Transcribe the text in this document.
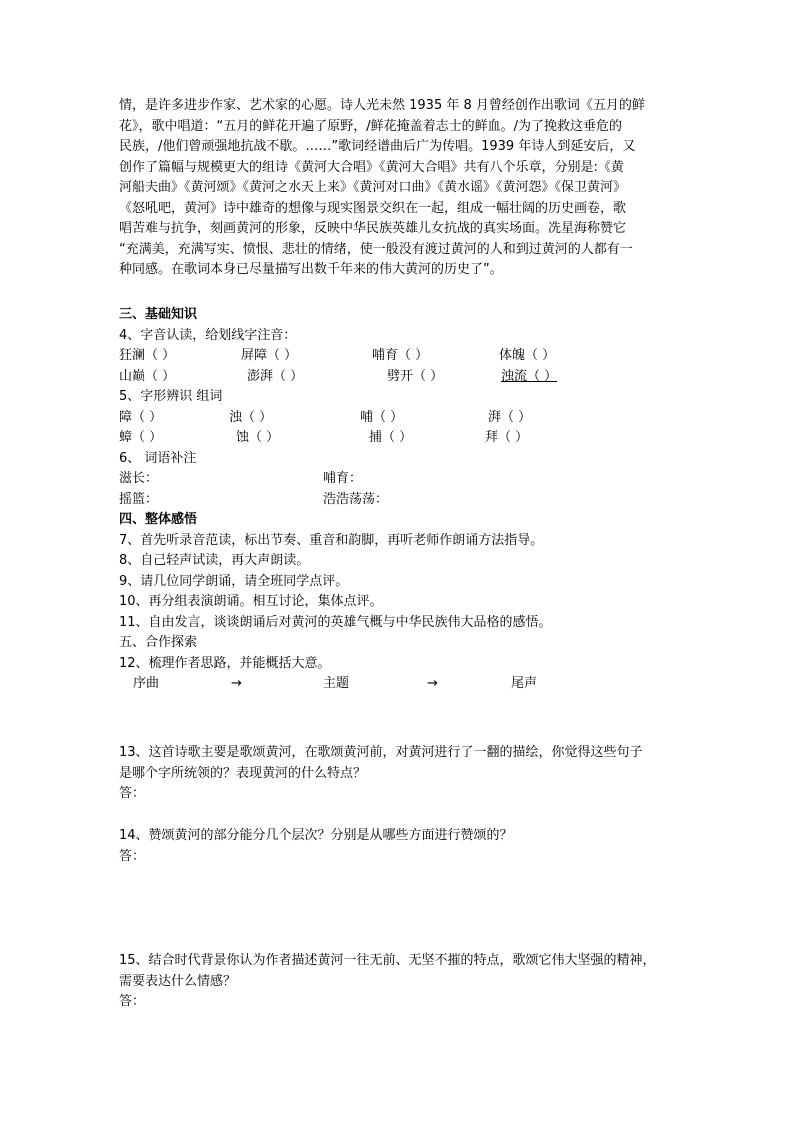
情，是许多进步作家、艺术家的心愿。诗人光未然 1935 年 8 月曾经创作出歌词《五月的鲜

花》，歌中唱道：“五月的鲜花开遍了原野，/鲜花掩盖着志士的鲜血。/为了挽救这垂危的

民族，/他们曾顽强地抗战不歇。……”歌词经谱曲后广为传唱。1939 年诗人到延安后，又

创作了篇幅与规模更大的组诗《黄河大合唱》《黄河大合唱》共有八个乐章，分别是:《黄

河船夫曲》《黄河颂》《黄河之水天上来》《黄河对口曲》《黄水谣》《黄河怨》《保卫黄河》

《怒吼吧，黄河》诗中雄奇的想像与现实图景交织在一起，组成一幅壮阔的历史画卷，歌

唱苦难与抗争，刻画黄河的形象，反映中华民族英雄儿女抗战的真实场面。冼星海称赞它

“充满美，充满写实、愤恨、悲壮的情绪，使一般没有渡过黄河的人和到过黄河的人都有一

种同感。在歌词本身已尽量描写出数千年来的伟大黄河的历史了”。

三、基础知识
4、字音认读，给划线字注音：
狂澜（ ）	屏障（ ）	哺育（ ）	体魄（ ）
山巅（ ）	澎湃（ ）	劈开（ ）	浊流（ ）
5、字形辨识 组词
障（ ）	浊（ ）	哺（ ）	湃（ ）
蟑（ ）	蚀（ ）	捕（ ）	拜（ ）
6、 词语补注
滋长：	哺育：
摇篮：	浩浩荡荡：
四、整体感悟
7、首先听录音范读，标出节奏、重音和韵脚，再听老师作朗诵方法指导。
8、自己轻声试读，再大声朗读。
9、请几位同学朗诵，请全班同学点评。
10、再分组表演朗诵。相互讨论，集体点评。
11、自由发言，谈谈朗诵后对黄河的英雄气概与中华民族伟大品格的感悟。
五、合作探索
12、梳理作者思路，并能概括大意。
序曲	→	主题	→	尾声
13、这首诗歌主要是歌颂黄河，在歌颂黄河前，对黄河进行了一翻的描绘，你觉得这些句子
是哪个字所统领的？表现黄河的什么特点？
答：
14、赞颂黄河的部分能分几个层次？分别是从哪些方面进行赞颂的？
答：
15、结合时代背景你认为作者描述黄河一往无前、无坚不摧的特点，歌颂它伟大坚强的精神，
需要表达什么情感？
答：
